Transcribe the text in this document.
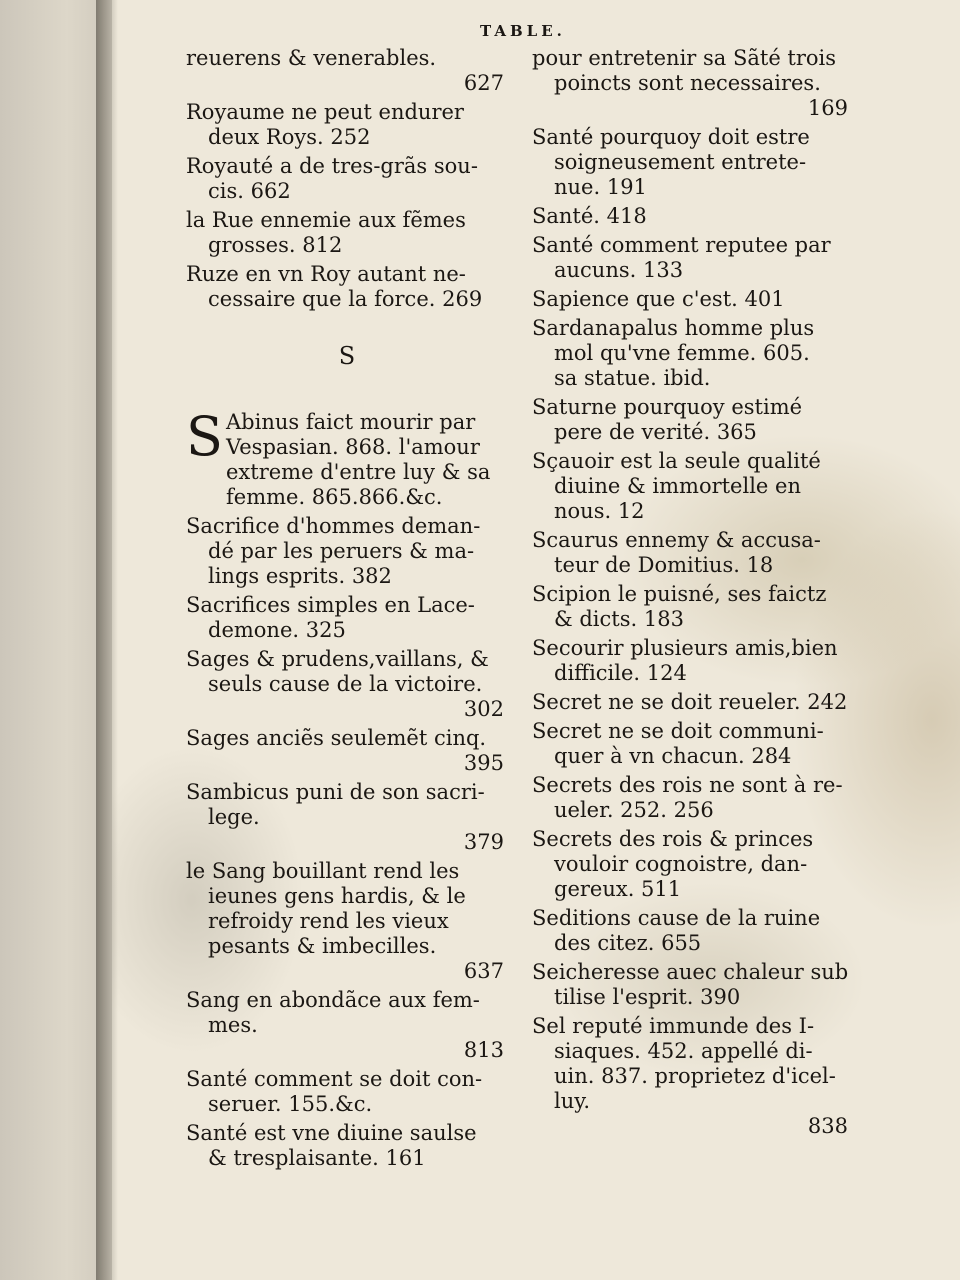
TABLE.
reuerens & venerables.
627
Royaume ne peut endurer
deux Roys. 252
Royauté a de tres-grãs sou-
cis. 662
la Rue ennemie aux fẽmes
grosses. 812
Ruze en vn Roy autant ne-
cessaire que la force. 269
S
S Abinus faict mourir par
Vespasian. 868. l'amour
extreme d'entre luy & sa
femme. 865.866.&c.
Sacrifice d'hommes deman-
dé par les peruers & ma-
lings esprits. 382
Sacrifices simples en Lace-
demone. 325
Sages & prudens,vaillans, &
seuls cause de la victoire.
302
Sages anciẽs seulemẽt cinq.
395
Sambicus puni de son sacri-
lege.
379
le Sang bouillant rend les
ieunes gens hardis, & le
refroidy rend les vieux
pesants & imbecilles.
637
Sang en abondãce aux fem-
mes.
813
Santé comment se doit con-
seruer. 155.&c.
Santé est vne diuine saulse
& tresplaisante. 161
pour entretenir sa Sãté trois
poincts sont necessaires.
169
Santé pourquoy doit estre
soigneusement entrete-
nue. 191
Santé. 418
Santé comment reputee par
aucuns. 133
Sapience que c'est. 401
Sardanapalus homme plus
mol qu'vne femme. 605.
sa statue. ibid.
Saturne pourquoy estimé
pere de verité. 365
Sçauoir est la seule qualité
diuine & immortelle en
nous. 12
Scaurus ennemy & accusa-
teur de Domitius. 18
Scipion le puisné, ses faictz
& dicts. 183
Secourir plusieurs amis,bien
difficile. 124
Secret ne se doit reueler. 242
Secret ne se doit communi-
quer à vn chacun. 284
Secrets des rois ne sont à re-
ueler. 252. 256
Secrets des rois & princes
vouloir cognoistre, dan-
gereux. 511
Seditions cause de la ruine
des citez. 655
Seicheresse auec chaleur sub
tilise l'esprit. 390
Sel reputé immunde des I-
siaques. 452. appellé di-
uin. 837. proprietez d'icel-
luy.
838
